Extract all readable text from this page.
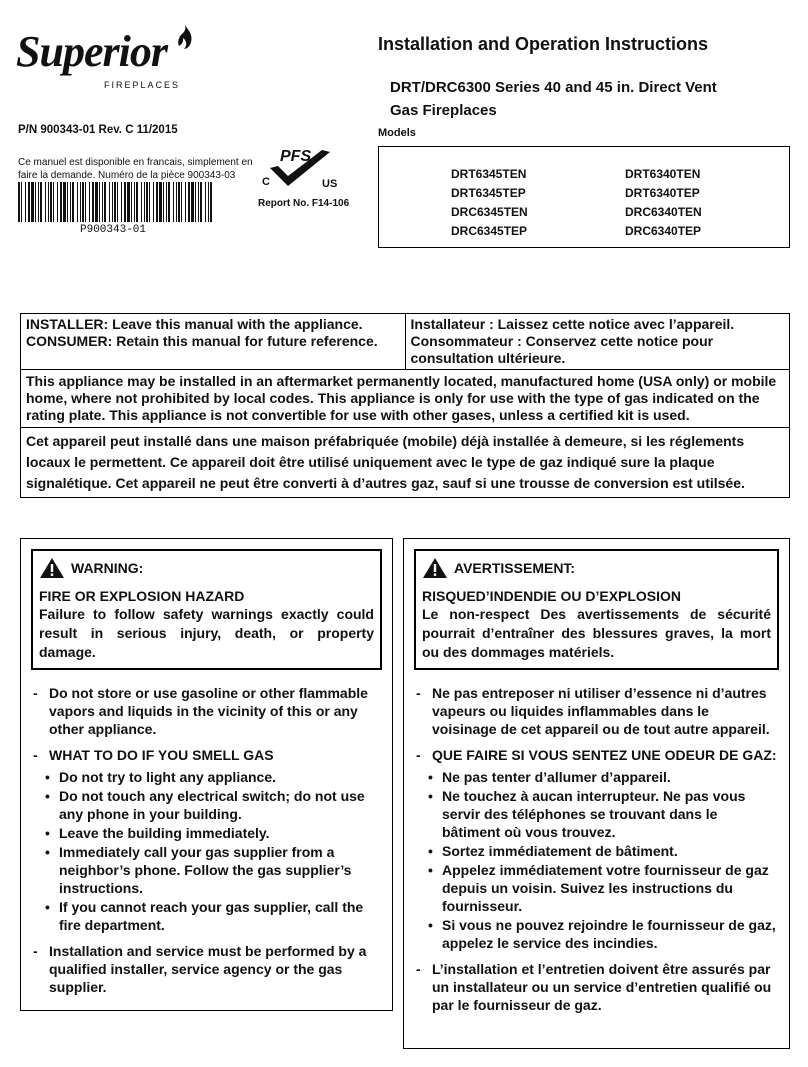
Superior
FIREPLACES
P/N 900343-01 Rev. C 11/2015
Ce manuel est disponible en francais, simplement en faire la demande. Numéro de la pièce 900343-03
P900343-01
PFS
C	US
Report No. F14-106
Installation and Operation Instructions
DRT/DRC6300 Series 40 and 45 in. Direct Vent Gas Fireplaces
Models
DRT6345TEN
DRT6345TEP
DRC6345TEN
DRC6345TEP
DRT6340TEN
DRT6340TEP
DRC6340TEN
DRC6340TEP
INSTALLER: Leave this manual with the appliance.
CONSUMER: Retain this manual for future reference.
Installateur : Laissez cette notice avec l’appareil.
Consommateur : Conservez cette notice pour consultation ultérieure.
This appliance may be installed in an aftermarket permanently located, manufactured home (USA only) or mobile home, where not prohibited by local codes. This appliance is only for use with the type of gas indicated on the rating plate. This appliance is not convertible for use with other gases, unless a certified kit is used.
Cet appareil peut installé dans une maison préfabriquée (mobile) déjà installée à demeure, si les réglements locaux le permettent. Ce appareil doit être utilisé uniquement avec le type de gaz indiqué sure la plaque signalétique. Cet appareil ne peut être converti à d’autres gaz, sauf si une trousse de conversion est utilsée.
WARNING:
FIRE OR EXPLOSION HAZARD
Failure to follow safety warnings exactly could result in serious injury, death, or property damage.
- Do not store or use gasoline or other flammable vapors and liquids in the vicinity of this or any other appliance.
- WHAT TO DO IF YOU SMELL GAS
• Do not try to light any appliance.
• Do not touch any electrical switch; do not use any phone in your building.
• Leave the building immediately.
• Immediately call your gas supplier from a neighbor’s phone. Follow the gas supplier’s instructions.
• If you cannot reach your gas supplier, call the fire department.
- Installation and service must be performed by a qualified installer, service agency or the gas supplier.
AVERTISSEMENT:
RISQUED’INDENDIE OU D’EXPLOSION
Le non-respect Des avertissements de sécurité pourrait d’entraîner des blessures graves, la mort ou des dommages matériels.
- Ne pas entreposer ni utiliser d’essence ni d’autres vapeurs ou liquides inflammables dans le voisinage de cet appareil ou de tout autre appareil.
- QUE FAIRE SI VOUS SENTEZ UNE ODEUR DE GAZ:
• Ne pas tenter d’allumer d’appareil.
• Ne touchez à aucan interrupteur. Ne pas vous servir des téléphones se trouvant dans le bâtiment où vous trouvez.
• Sortez immédiatement de bâtiment.
• Appelez immédiatement votre fournisseur de gaz depuis un voisin. Suivez les instructions du fournisseur.
• Si vous ne pouvez rejoindre le fournisseur de gaz, appelez le service des incindies.
- L’installation et l’entretien doivent être assurés par un installateur ou un service d’entretien qualifié ou par le fournisseur de gaz.
